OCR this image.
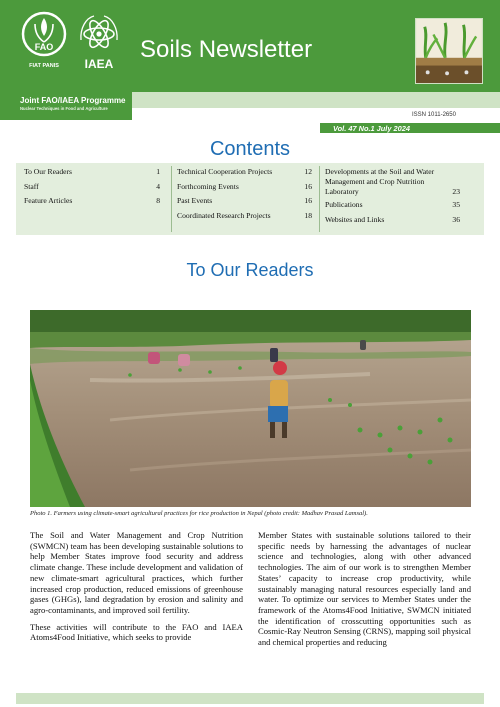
FAO
FIAT PANIS IAEA
Joint FAO/IAEA Programme
Nuclear Techniques in Food and Agriculture
Soils Newsletter
ISSN 1011-2650
Vol. 47 No.1 July 2024
Contents
To Our Readers	1
Staff	4
Feature Articles	8
Technical Cooperation Projects	12
Forthcoming Events	16
Past Events	16
Coordinated Research Projects	18
Developments at the Soil and Water Management and Crop Nutrition Laboratory	23
Publications	35
Websites and Links	36
To Our Readers
Photo 1. Farmers using climate-smart agricultural practices for rice production in Nepal (photo credit: Madhav Prasad Lamsal).

The Soil and Water Management and Crop Nutrition (SWMCN) team has been developing sustainable solutions to help Member States improve food security and address climate change. These include development and validation of new climate-smart agricultural practices, which further increased crop production, reduced emissions of greenhouse gases (GHGs), land degradation by erosion and salinity and agro-contaminants, and improved soil fertility.

These activities will contribute to the FAO and IAEA Atoms4Food Initiative, which seeks to provide

Member States with sustainable solutions tailored to their specific needs by harnessing the advantages of nuclear science and technologies, along with other advanced technologies. The aim of our work is to strengthen Member States’ capacity to increase crop productivity, while sustainably managing natural resources especially land and water. To optimize our services to Member States under the framework of the Atoms4Food Initiative, SWMCN initiated the identification of crosscutting opportunities such as Cosmic-Ray Neutron Sensing (CRNS), mapping soil physical and chemical properties and reducing
